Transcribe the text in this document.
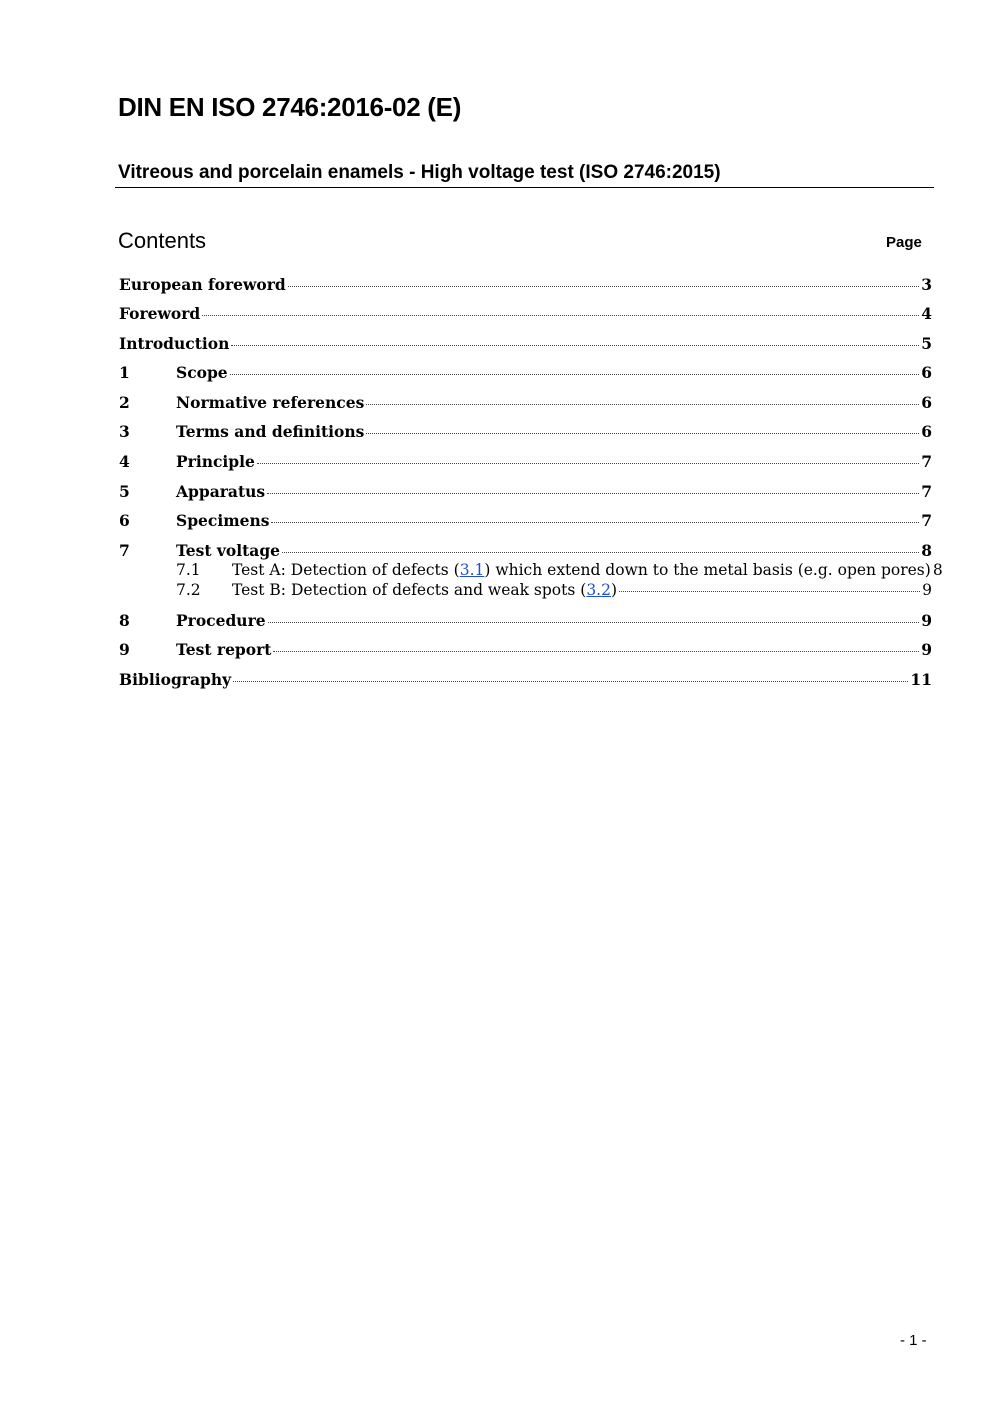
DIN EN ISO 2746:2016-02 (E)
Vitreous and porcelain enamels - High voltage test (ISO 2746:2015)
Contents	Page
European foreword	3
Foreword	4
Introduction	5
1	Scope	6
2	Normative references	6
3	Terms and definitions	6
4	Principle	7
5	Apparatus	7
6	Specimens	7
7	Test voltage	8
7.1	Test A: Detection of defects (3.1) which extend down to the metal basis (e.g. open pores) 8
7.2	Test B: Detection of defects and weak spots (3.2)	9
8	Procedure	9
9	Test report	9
Bibliography	11
- 1 -
